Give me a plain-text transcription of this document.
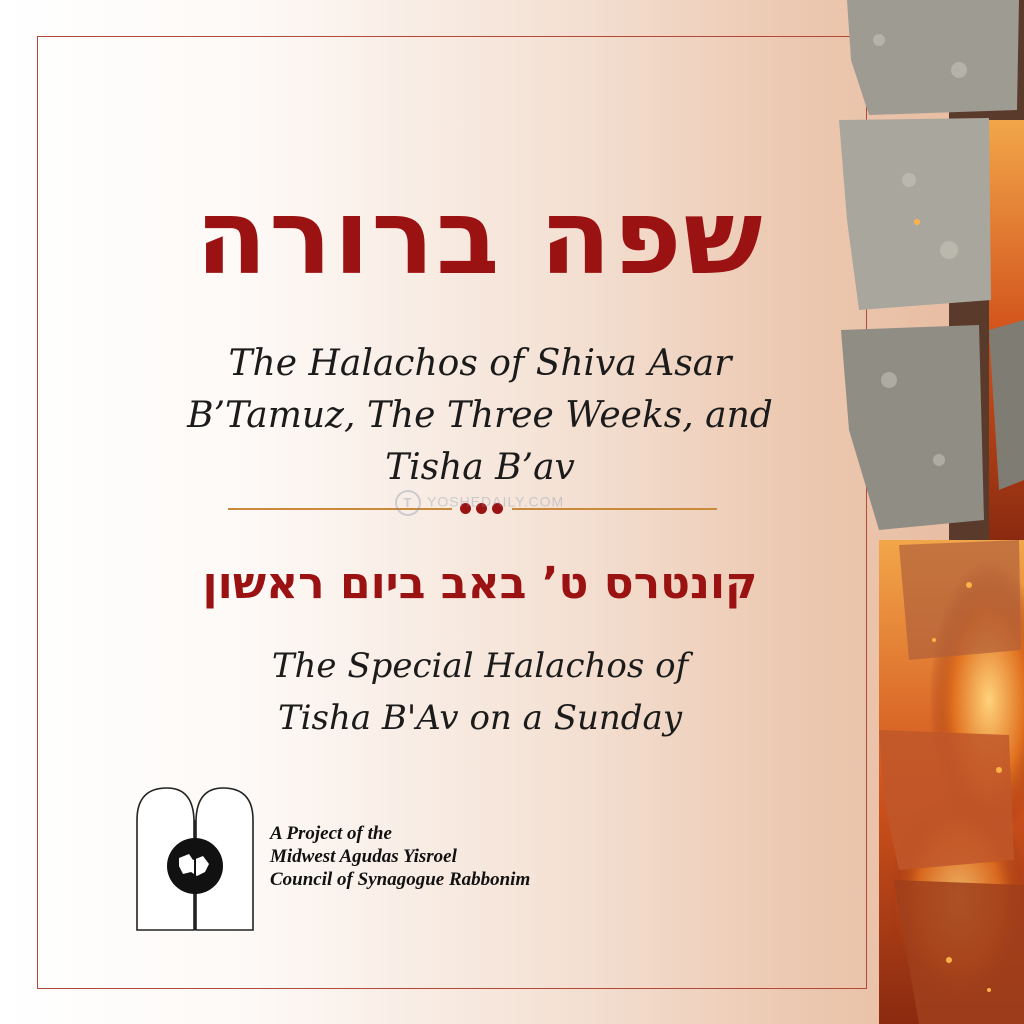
שפה ברורה
The Halachos of Shiva Asar
B’Tamuz, The Three Weeks, and
Tisha B’av
T YOSHEDAILY.COM
קונטרס ט’ באב ביום ראשון
The Special Halachos of
Tisha B'Av on a Sunday
A Project of the
Midwest Agudas Yisroel
Council of Synagogue Rabbonim
